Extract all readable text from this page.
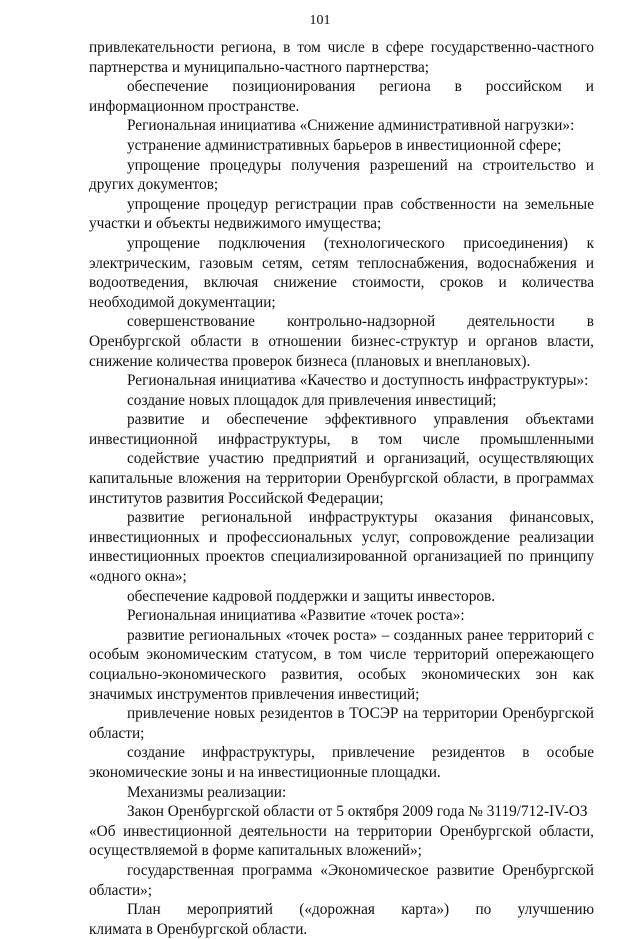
101
привлекательности региона, в том числе в сфере государственно-частного
партнерства и муниципально-частного партнерства;
обеспечение позиционирования региона в российском и
информационном пространстве.
Региональная инициатива «Снижение административной нагрузки»:
устранение административных барьеров в инвестиционной сфере;
упрощение процедуры получения разрешений на строительство и
других документов;
упрощение процедур регистрации прав собственности на земельные
участки и объекты недвижимого имущества;
упрощение подключения (технологического присоединения) к
электрическим, газовым сетям, сетям теплоснабжения, водоснабжения и
водоотведения, включая снижение стоимости, сроков и количества
необходимой документации;
совершенствование контрольно-надзорной деятельности в
Оренбургской области в отношении бизнес-структур и органов власти,
снижение количества проверок бизнеса (плановых и внеплановых).
Региональная инициатива «Качество и доступность инфраструктуры»:
создание новых площадок для привлечения инвестиций;
развитие и обеспечение эффективного управления объектами
инвестиционной инфраструктуры, в том числе промышленными
содействие участию предприятий и организаций, осуществляющих
капитальные вложения на территории Оренбургской области, в программах
институтов развития Российской Федерации;
развитие региональной инфраструктуры оказания финансовых,
инвестиционных и профессиональных услуг, сопровождение реализации
инвестиционных проектов специализированной организацией по принципу
«одного окна»;
обеспечение кадровой поддержки и защиты инвесторов.
Региональная инициатива «Развитие «точек роста»:
развитие региональных «точек роста» – созданных ранее территорий с
особым экономическим статусом, в том числе территорий опережающего
социально-экономического развития, особых экономических зон как
значимых инструментов привлечения инвестиций;
привлечение новых резидентов в ТОСЭР на территории Оренбургской
области;
создание инфраструктуры, привлечение резидентов в особые
экономические зоны и на инвестиционные площадки.
Механизмы реализации:
Закон Оренбургской области от 5 октября 2009 года № 3119/712-IV-ОЗ
«Об инвестиционной деятельности на территории Оренбургской области,
осуществляемой в форме капитальных вложений»;
государственная программа «Экономическое развитие Оренбургской
области»;
План мероприятий («дорожная карта») по улучшению
климата в Оренбургской области.
